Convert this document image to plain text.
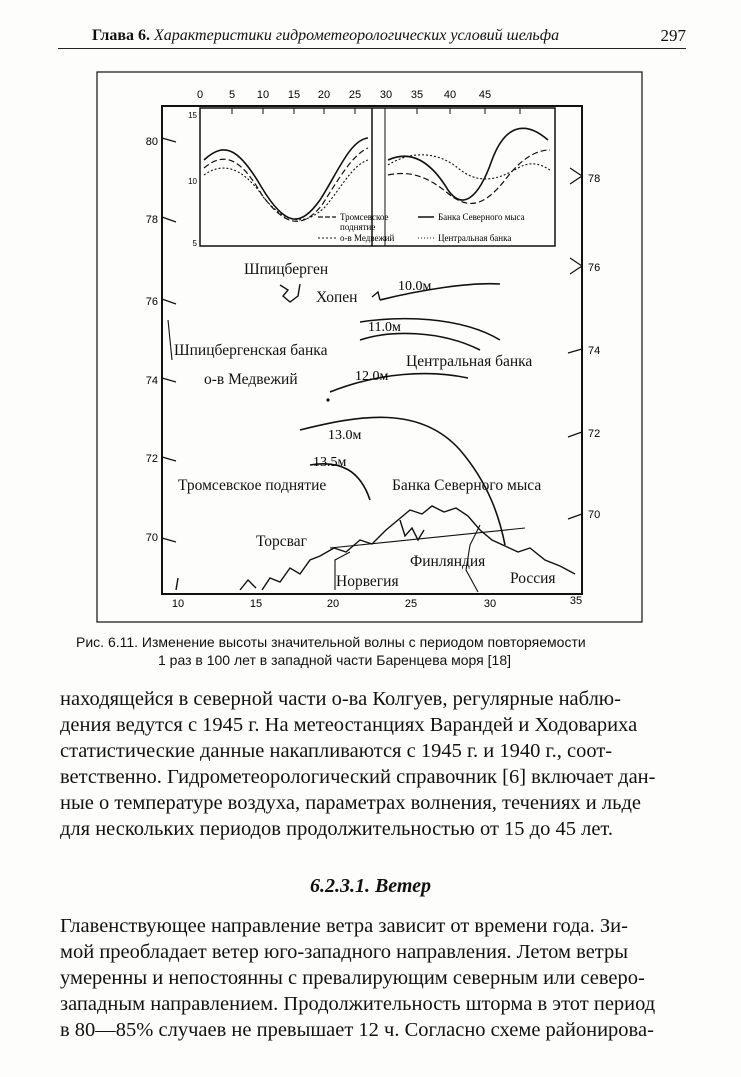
Глава 6. Характеристики гидрометеорологических условий шельфа	297
0 5 10 15 20 25 30 35 40 45
10	15	20	25	30	35
80
78
76
74
72
70
78
76
74
72
70
15
10
5
Тромсевское
поднятие
о-в Медвежий
Банка Северного мыса
Центральная банка
10.0м
11.0м
12.0м
13.0м
13.5м
Шпицберген
Хопен
Шпицбергенская банка
Центральная банка
о-в Медвежий
Тромсевское поднятие	Банка Северного мыса
Торсваг
Финляндия
Норвегия	Россия
Рис. 6.11. Изменение высоты значительной волны с периодом повторяемости
1 раз в 100 лет в западной части Баренцева моря [18]
находящейся в северной части о-ва Колгуев, регулярные наблю-
дения ведутся с 1945 г. На метеостанциях Варандей и Ходовариха
статистические данные накапливаются с 1945 г. и 1940 г., соот-
ветственно. Гидрометеорологический справочник [6] включает дан-
ные о температуре воздуха, параметрах волнения, течениях и льде
для нескольких периодов продолжительностью от 15 до 45 лет.
6.2.3.1. Ветер
Главенствующее направление ветра зависит от времени года. Зи-
мой преобладает ветер юго-западного направления. Летом ветры
умеренны и непостоянны с превалирующим северным или северо-
западным направлением. Продолжительность шторма в этот период
в 80—85% случаев не превышает 12 ч. Согласно схеме районирова-
